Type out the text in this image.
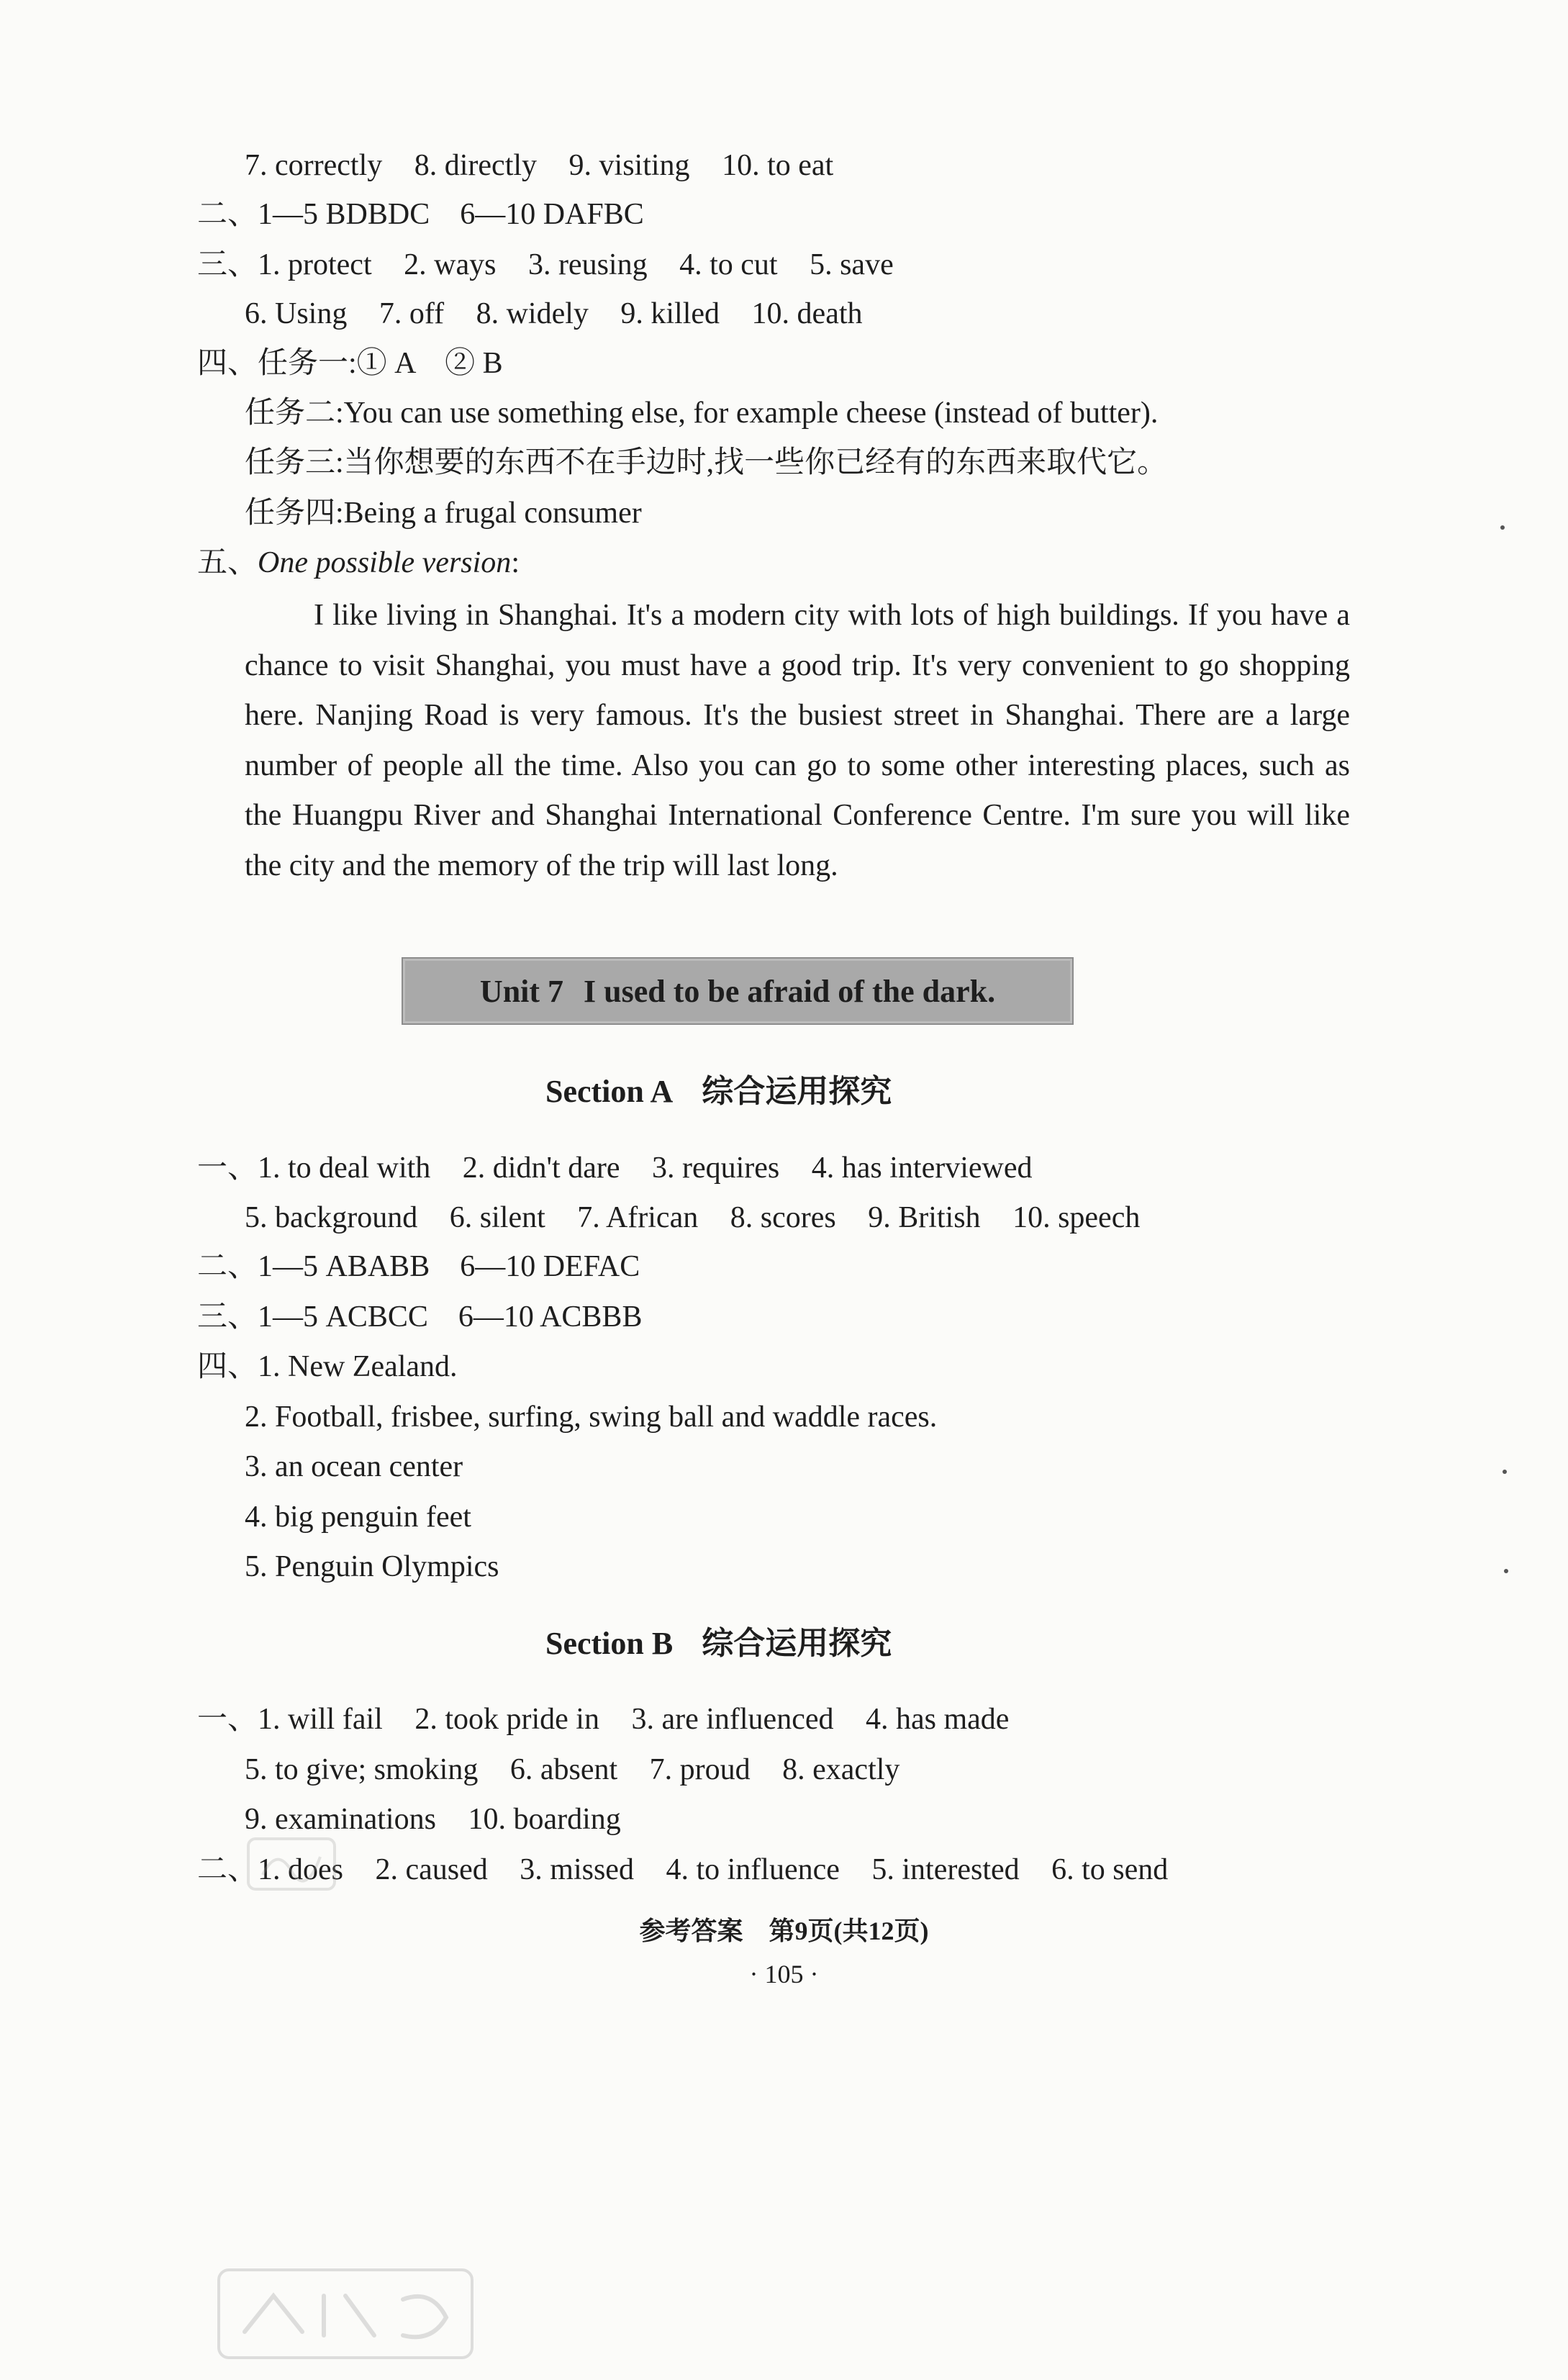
7. correctly 8. directly 9. visiting 10. to eat
二、1—5 BDBDC　6—10 DAFBC
三、1. protect 2. ways 3. reusing 4. to cut 5. save
6. Using 7. off 8. widely 9. killed 10. death
四、任务一:① A　② B
任务二:You can use something else, for example cheese (instead of butter).
任务三:当你想要的东西不在手边时,找一些你已经有的东西来取代它。
任务四:Being a frugal consumer
五、One possible version:
I like living in Shanghai. It's a modern city with lots of high buildings. If you have a chance to visit Shanghai, you must have a good trip. It's very convenient to go shopping here. Nanjing Road is very famous. It's the busiest street in Shanghai. There are a large number of people all the time. Also you can go to some other interesting places, such as the Huangpu River and Shanghai International Conference Centre. I'm sure you will like the city and the memory of the trip will last long.
Unit 7 I used to be afraid of the dark.
Section A 综合运用探究
一、1. to deal with 2. didn't dare 3. requires 4. has interviewed
5. background 6. silent 7. African 8. scores 9. British 10. speech
二、1—5 ABABB　6—10 DEFAC
三、1—5 ACBCC　6—10 ACBBB
四、1. New Zealand.
2. Football, frisbee, surfing, swing ball and waddle races.
3. an ocean center
4. big penguin feet
5. Penguin Olympics
Section B 综合运用探究
一、1. will fail 2. took pride in 3. are influenced 4. has made
5. to give; smoking 6. absent 7. proud 8. exactly
9. examinations 10. boarding
二、1. does 2. caused 3. missed 4. to influence 5. interested 6. to send
参考答案　第9页(共12页)
· 105 ·
